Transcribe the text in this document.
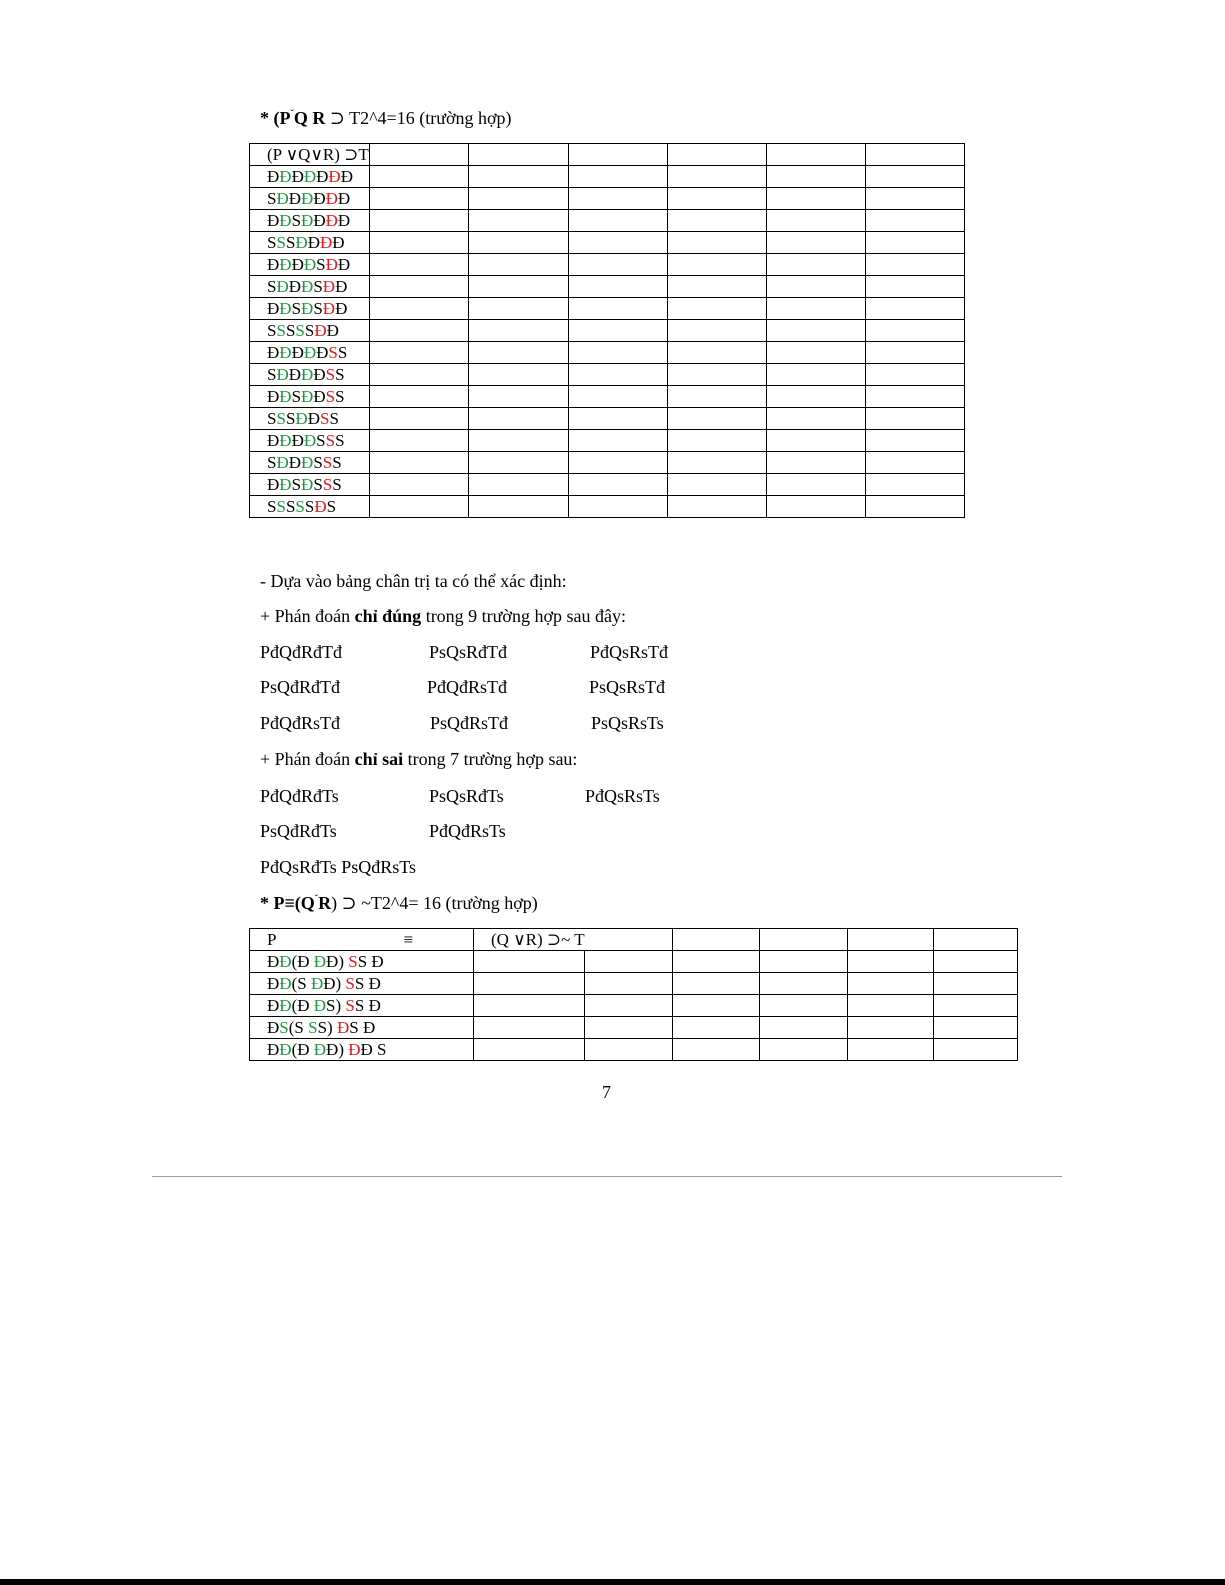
* ($P^ˇQ$ R ⊃ T2^4=16 (trường hợp)
(P ∨Q∨R) ⊃T						
ĐĐĐĐĐĐĐ						
SĐĐĐĐĐĐ						
ĐĐSĐĐĐĐ						
SSSĐĐĐĐ						
ĐĐĐĐSĐĐ						
SĐĐĐSĐĐ						
ĐĐSĐSĐĐ						
SSSSSĐĐ						
ĐĐĐĐĐSS						
SĐĐĐĐSS						
ĐĐSĐĐSS						
SSSĐĐSS						
ĐĐĐĐSSS						
SĐĐĐSSS						
ĐĐSĐSSS						
SSSSSĐS						
- Dựa vào bảng chân trị ta có thể xác định:
+ Phán đoán chỉ đúng trong 9 trường hợp sau đây:
PđQđRđTđ	PsQsRđTđ	PđQsRsTđ
PsQđRđTđ	PđQđRsTđ	PsQsRsTđ
PđQđRsTđ	PsQđRsTđ	PsQsRsTs
+ Phán đoán chỉ sai trong 7 trường hợp sau:
PđQđRđTs	PsQsRđTs	PđQsRsTs
PsQđRđTs	PđQđRsTs
PđQsRđTs PsQđRsTs
* $P\equiv(Q^ˇR)$ ⊃ ~T2^4= 16 (trường hợp)
P	≡	(Q ∨R) ⊃~ T					
ĐĐ(Đ ĐĐ) SS Đ							
ĐĐ(S ĐĐ) SS Đ							
ĐĐ(Đ ĐS) SS Đ							
ĐS(S SS) ĐS Đ							
ĐĐ(Đ ĐĐ) ĐĐ S							
7
